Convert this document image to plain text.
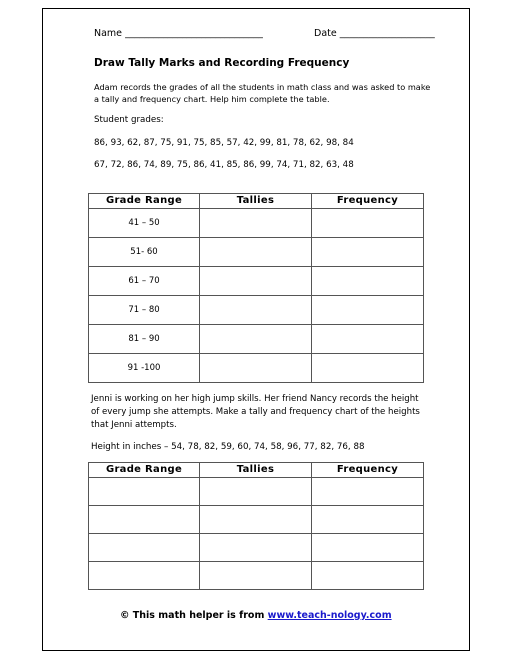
Name _____________________________	Date ____________________
Draw Tally Marks and Recording Frequency
Adam records the grades of all the students in math class and was asked to make a tally and frequency chart. Help him complete the table.
Student grades:
86, 93, 62, 87, 75, 91, 75, 85, 57, 42, 99, 81, 78, 62, 98, 84
67, 72, 86, 74, 89, 75, 86, 41, 85, 86, 99, 74, 71, 82, 63, 48
Grade Range	Tallies	Frequency
41 – 50		
51- 60		
61 – 70		
71 – 80		
81 – 90		
91 -100		
Jenni is working on her high jump skills. Her friend Nancy records the height of every jump she attempts. Make a tally and frequency chart of the heights that Jenni attempts.
Height in inches – 54, 78, 82, 59, 60, 74, 58, 96, 77, 82, 76, 88
Grade Range	Tallies	Frequency

© This math helper is from www.teach-nology.com
